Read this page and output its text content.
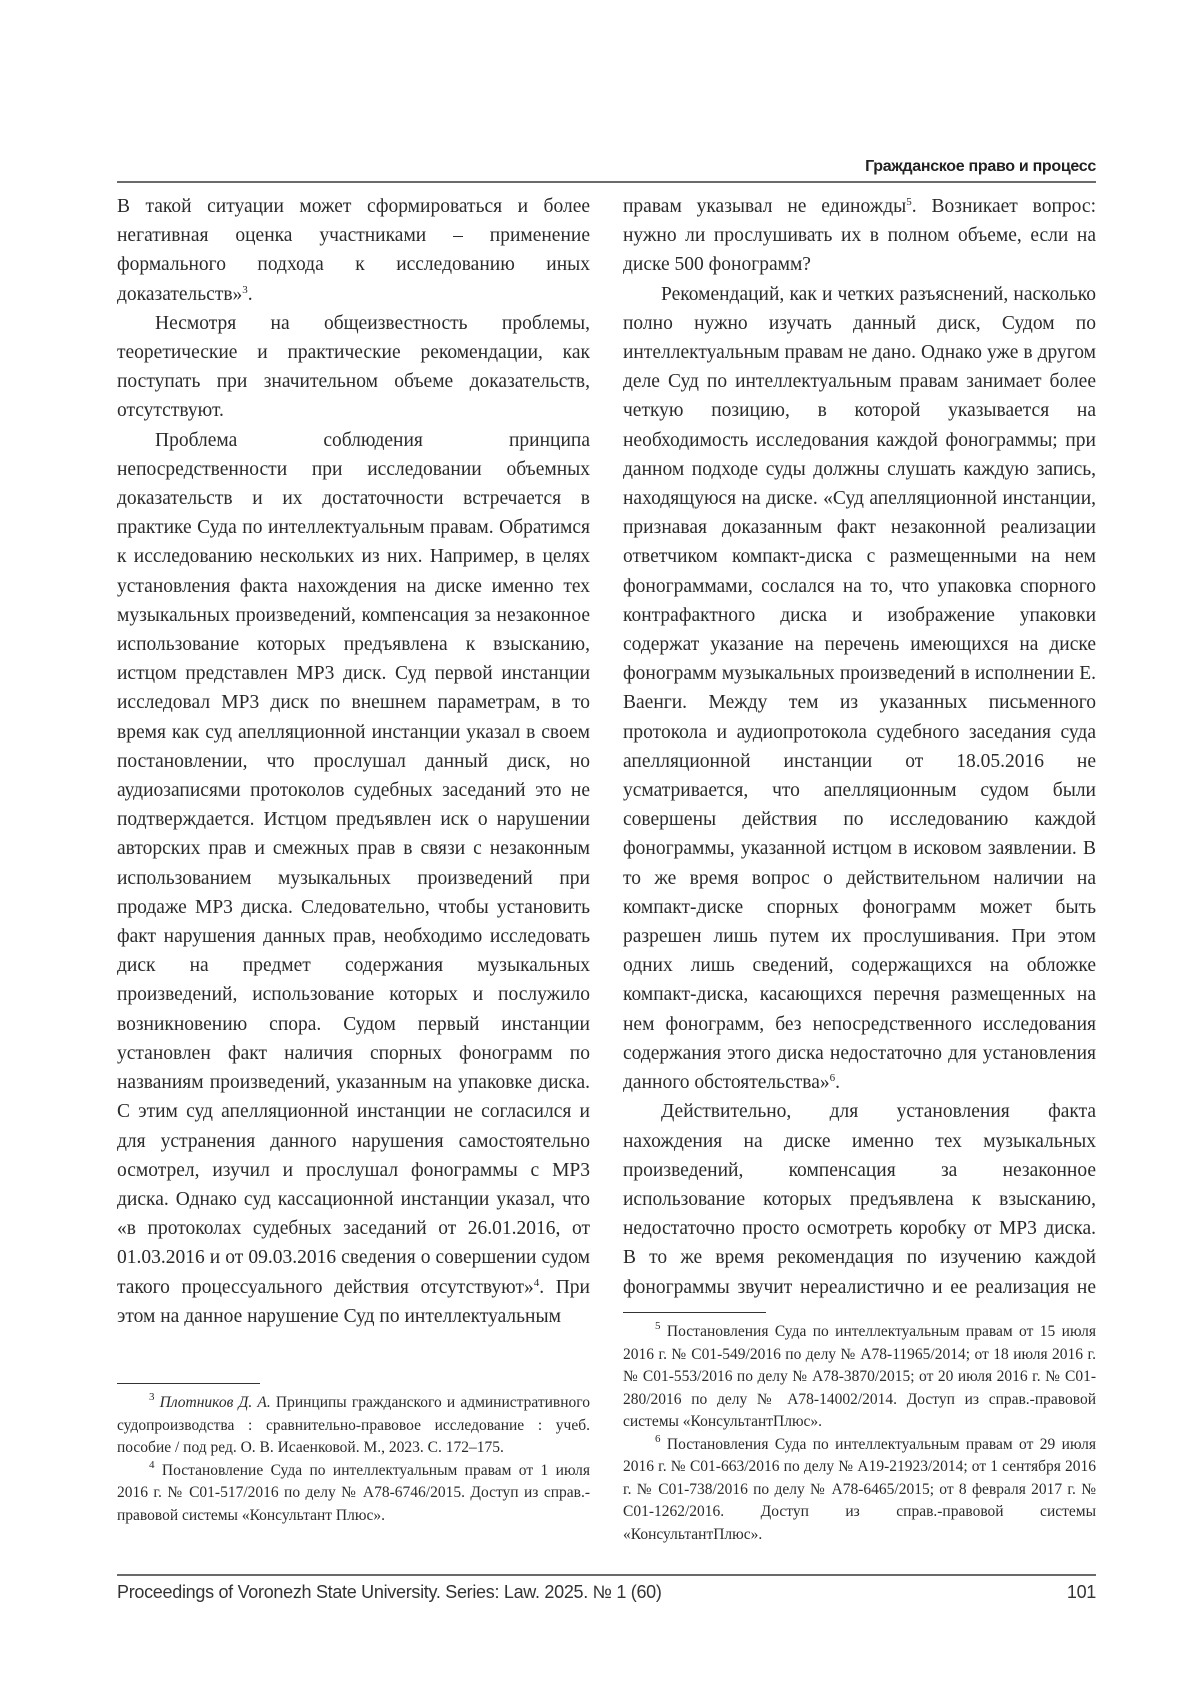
Гражданское право и процесс

В такой ситуации может сформироваться и более негативная оценка участниками – применение формального подхода к исследованию иных доказательств»$^3$.

Несмотря на общеизвестность проблемы, теоретические и практические рекомендации, как поступать при значительном объеме доказательств, отсутствуют.

Проблема соблюдения принципа непосредственности при исследовании объемных доказательств и их достаточности встречается в практике Суда по интеллектуальным правам. Обратимся к исследованию нескольких из них. Например, в целях установления факта нахождения на диске именно тех музыкальных произведений, компенсация за незаконное использование которых предъявлена к взысканию, истцом представлен MP3 диск. Суд первой инстанции исследовал MP3 диск по внешнем параметрам, в то время как суд апелляционной инстанции указал в своем постановлении, что прослушал данный диск, но аудиозаписями протоколов судебных заседаний это не подтверждается. Истцом предъявлен иск о нарушении авторских прав и смежных прав в связи с незаконным использованием музыкальных произведений при продаже MP3 диска. Следовательно, чтобы установить факт нарушения данных прав, необходимо исследовать диск на предмет содержания музыкальных произведений, использование которых и послужило возникновению спора. Судом первый инстанции установлен факт наличия спорных фонограмм по названиям произведений, указанным на упаковке диска. С этим суд апелляционной инстанции не согласился и для устранения данного нарушения самостоятельно осмотрел, изучил и прослушал фонограммы с MP3 диска. Однако суд кассационной инстанции указал, что «в протоколах судебных заседаний от 26.01.2016, от 01.03.2016 и от 09.03.2016 сведения о совершении судом такого процессуального действия отсутствуют»$^4$. При этом на данное нарушение Суд по интеллектуальным

правам указывал не единожды$^5$. Возникает вопрос: нужно ли прослушивать их в полном объеме, если на диске 500 фонограмм?

Рекомендаций, как и четких разъяснений, насколько полно нужно изучать данный диск, Судом по интеллектуальным правам не дано. Однако уже в другом деле Суд по интеллектуальным правам занимает более четкую позицию, в которой указывается на необходимость исследования каждой фонограммы; при данном подходе суды должны слушать каждую запись, находящуюся на диске. «Суд апелляционной инстанции, признавая доказанным факт незаконной реализации ответчиком компакт-диска с размещенными на нем фонограммами, сослался на то, что упаковка спорного контрафактного диска и изображение упаковки содержат указание на перечень имеющихся на диске фонограмм музыкальных произведений в исполнении Е. Ваенги. Между тем из указанных письменного протокола и аудиопротокола судебного заседания суда апелляционной инстанции от 18.05.2016 не усматривается, что апелляционным судом были совершены действия по исследованию каждой фонограммы, указанной истцом в исковом заявлении. В то же время вопрос о действительном наличии на компакт-диске спорных фонограмм может быть разрешен лишь путем их прослушивания. При этом одних лишь сведений, содержащихся на обложке компакт-диска, касающихся перечня размещенных на нем фонограмм, без непосредственного исследования содержания этого диска недостаточно для установления данного обстоятельства»$^6$.

Действительно, для установления факта нахождения на диске именно тех музыкальных произведений, компенсация за незаконное использование которых предъявлена к взысканию, недостаточно просто осмотреть коробку от MP3 диска. В то же время рекомендация по изучению каждой фонограммы звучит нереалистично и ее реализация не

$^3$ Плотников Д. А. Принципы гражданского и административного судопроизводства : сравнительно-правовое исследование : учеб. пособие / под ред. О. В. Исаенковой. М., 2023. С. 172–175.

$^4$ Постановление Суда по интеллектуальным правам от 1 июля 2016 г. № С01-517/2016 по делу № А78-6746/2015. Доступ из справ.-правовой системы «Консультант Плюс».

$^5$ Постановления Суда по интеллектуальным правам от 15 июля 2016 г. № С01-549/2016 по делу № А78-11965/2014; от 18 июля 2016 г. № С01-553/2016 по делу № А78-3870/2015; от 20 июля 2016 г. № С01-280/2016 по делу № А78-14002/2014. Доступ из справ.-правовой системы «КонсультантПлюс».

$^6$ Постановления Суда по интеллектуальным правам от 29 июля 2016 г. № С01-663/2016 по делу № А19-21923/2014; от 1 сентября 2016 г. № С01-738/2016 по делу № А78-6465/2015; от 8 февраля 2017 г. № С01-1262/2016. Доступ из справ.-правовой системы «КонсультантПлюс».

Proceedings of Voronezh State University. Series: Law. 2025. № 1 (60)	101
